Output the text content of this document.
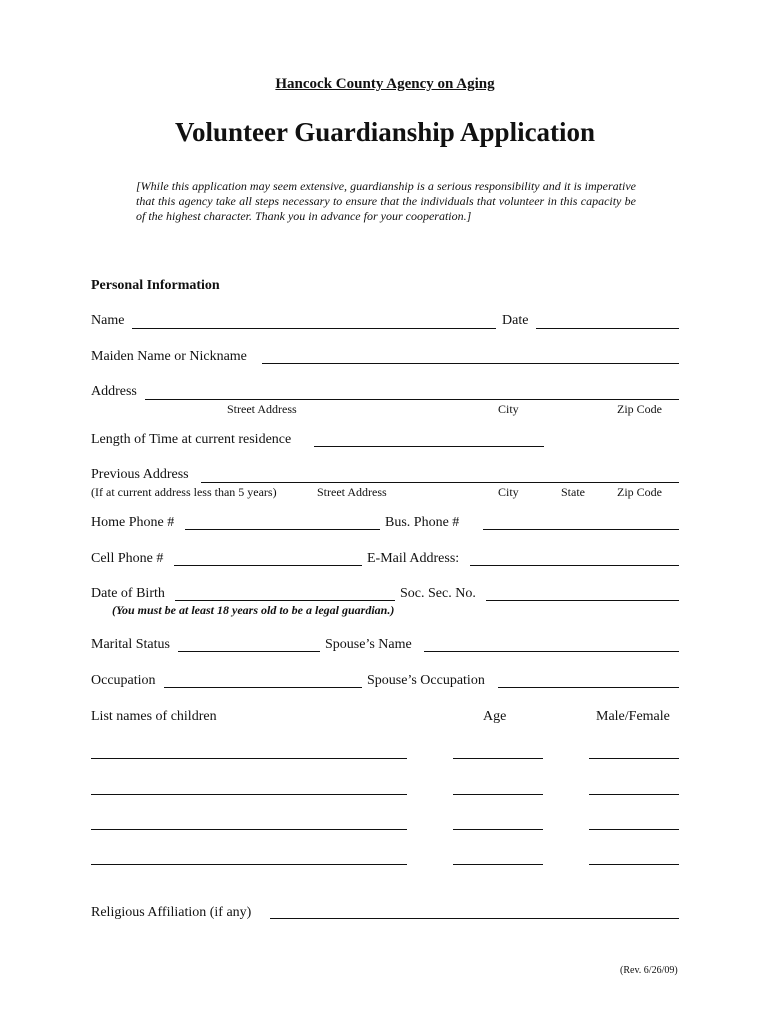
Hancock County Agency on Aging
Volunteer Guardianship Application
[While this application may seem extensive, guardianship is a serious responsibility and it is imperative that this agency take all steps necessary to ensure that the individuals that volunteer in this capacity be of the highest character. Thank you in advance for your cooperation.]
Personal Information
Name	Date
Maiden Name or Nickname
Address
Street Address	City	Zip Code
Length of Time at current residence
Previous Address
(If at current address less than 5 years)	Street Address	City	State	Zip Code
Home Phone #	Bus. Phone #
Cell Phone #	E-Mail Address:
Date of Birth	Soc. Sec. No.
(You must be at least 18 years old to be a legal guardian.)
Marital Status	Spouse’s Name
Occupation	Spouse’s Occupation
List names of children	Age	Male/Female
Religious Affiliation (if any)
(Rev. 6/26/09)
